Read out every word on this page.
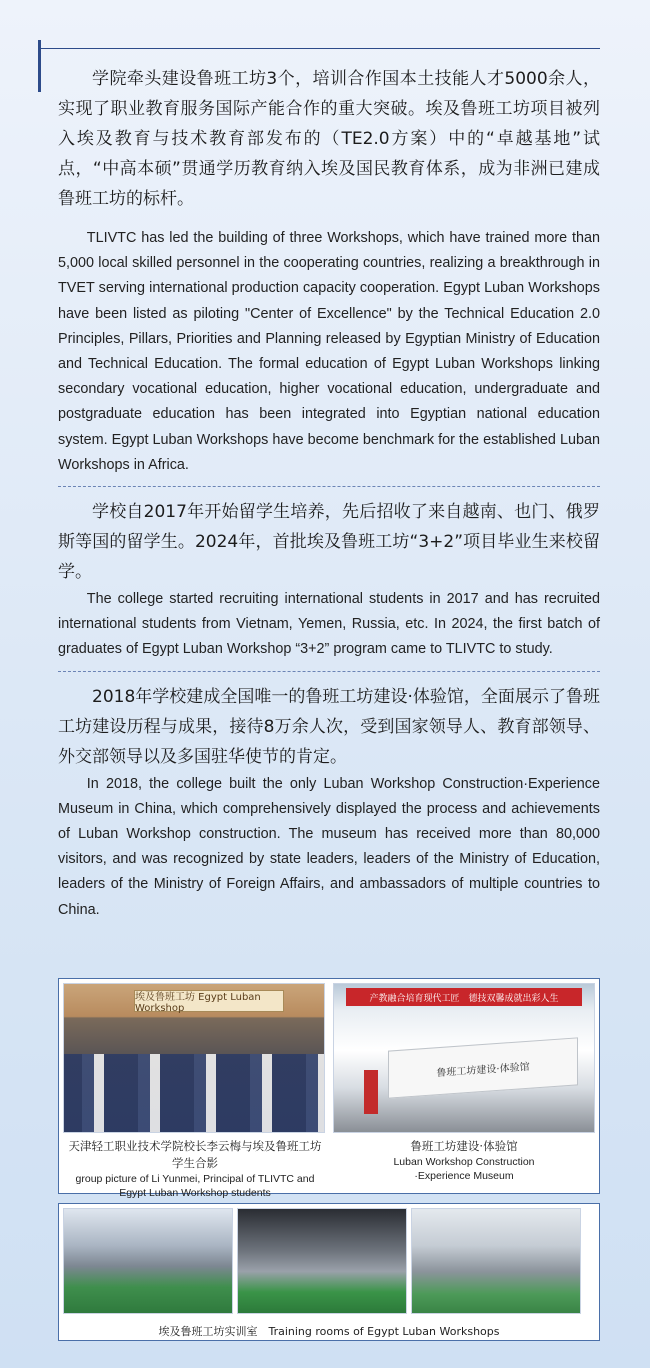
学院牵头建设鲁班工坊3个，培训合作国本土技能人才5000余人，实现了职业教育服务国际产能合作的重大突破。埃及鲁班工坊项目被列入埃及教育与技术教育部发布的（TE2.0方案）中的“卓越基地”试点，“中高本硕”贯通学历教育纳入埃及国民教育体系，成为非洲已建成鲁班工坊的标杆。

TLIVTC has led the building of three Workshops, which have trained more than 5,000 local skilled personnel in the cooperating countries, realizing a breakthrough in TVET serving international production capacity cooperation. Egypt Luban Workshops have been listed as piloting "Center of Excellence" by the Technical Education 2.0 Principles, Pillars, Priorities and Planning released by Egyptian Ministry of Education and Technical Education. The formal education of Egypt Luban Workshops linking secondary vocational education, higher vocational education, undergraduate and postgraduate education has been integrated into Egyptian national education system. Egypt Luban Workshops have become benchmark for the established Luban Workshops in Africa.

学校自2017年开始留学生培养，先后招收了来自越南、也门、俄罗斯等国的留学生。2024年，首批埃及鲁班工坊“3+2”项目毕业生来校留学。

The college started recruiting international students in 2017 and has recruited international students from Vietnam, Yemen, Russia, etc. In 2024, the first batch of graduates of Egypt Luban Workshop “3+2” program came to TLIVTC to study.

2018年学校建成全国唯一的鲁班工坊建设·体验馆，全面展示了鲁班工坊建设历程与成果，接待8万余人次，受到国家领导人、教育部领导、外交部领导以及多国驻华使节的肯定。

In 2018, the college built the only Luban Workshop Construction·Experience Museum in China, which comprehensively displayed the process and achievements of Luban Workshop construction. The museum has received more than 80,000 visitors, and was recognized by state leaders, leaders of the Ministry of Education, leaders of the Ministry of Foreign Affairs, and ambassadors of multiple countries to China.

埃及鲁班工坊 Egypt Luban Workshop
天津轻工职业技术学院校长李云梅与埃及鲁班工坊学生合影
group picture of Li Yunmei, Principal of TLIVTC and Egypt Luban Workshop students
产教融合培育现代工匠　德技双馨成就出彩人生
鲁班工坊建设·体验馆
鲁班工坊建设·体验馆
Luban Workshop Construction
·Experience Museum
埃及鲁班工坊实训室　Training rooms of Egypt Luban Workshops
